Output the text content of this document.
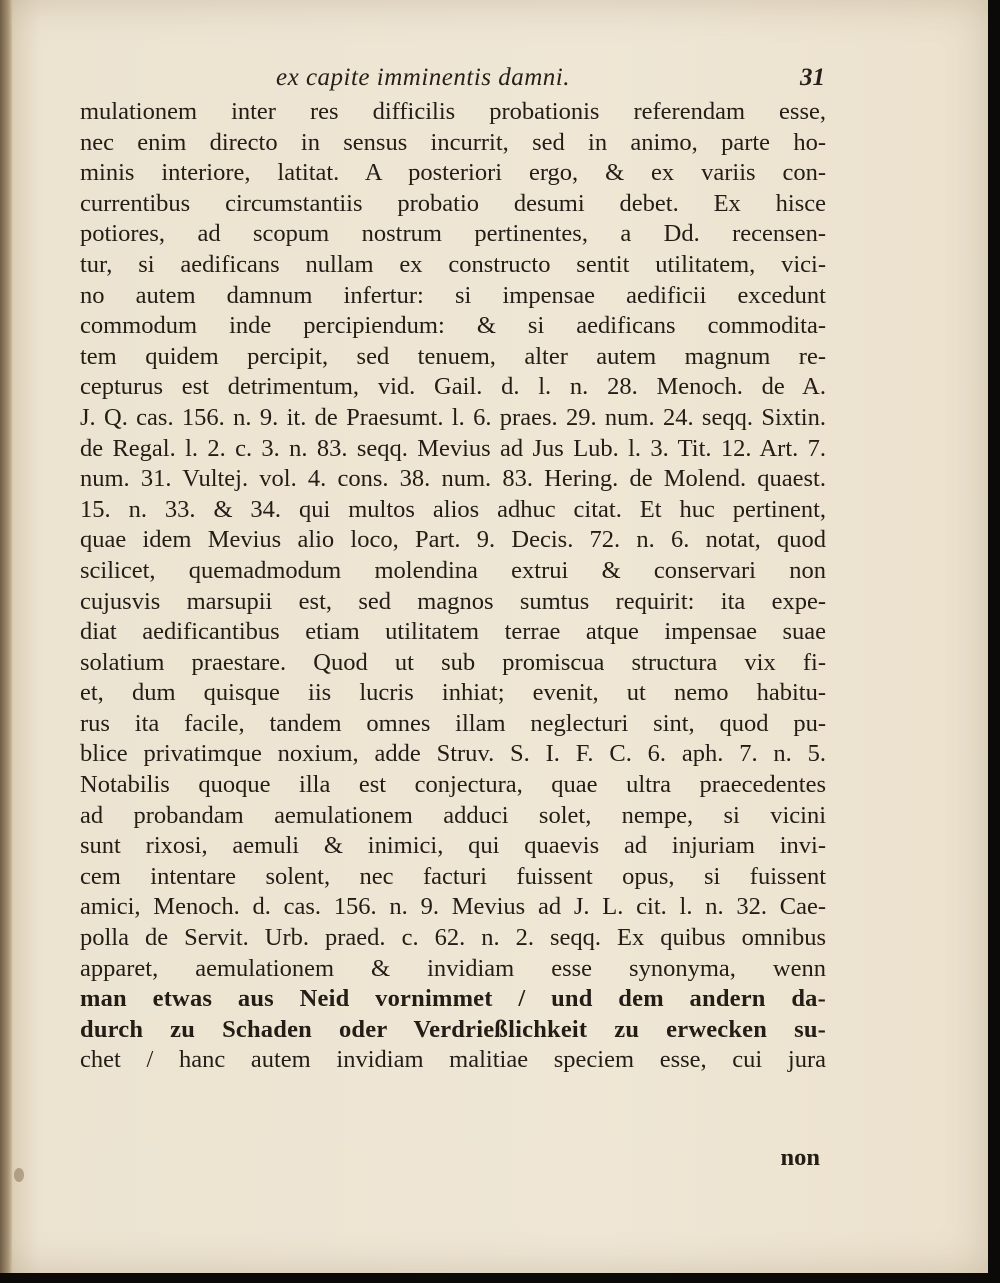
ex capite imminentis damni.	31
mulationem inter res difficilis probationis referendam esse,
nec enim directo in sensus incurrit, sed in animo, parte ho-
minis interiore, latitat. A posteriori ergo, & ex variis con-
currentibus circumstantiis probatio desumi debet. Ex hisce
potiores, ad scopum nostrum pertinentes, a Dd. recensen-
tur, si aedificans nullam ex constructo sentit utilitatem, vici-
no autem damnum infertur: si impensae aedificii excedunt
commodum inde percipiendum: & si aedificans commodita-
tem quidem percipit, sed tenuem, alter autem magnum re-
cepturus est detrimentum, vid. Gail. d. l. n. 28. Menoch. de A.
J. Q. cas. 156. n. 9. it. de Praesumt. l. 6. praes. 29. num. 24. seqq. Sixtin.
de Regal. l. 2. c. 3. n. 83. seqq. Mevius ad Jus Lub. l. 3. Tit. 12. Art. 7.
num. 31. Vultej. vol. 4. cons. 38. num. 83. Hering. de Molend. quaest.
15. n. 33. & 34. qui multos alios adhuc citat. Et huc pertinent,
quae idem Mevius alio loco, Part. 9. Decis. 72. n. 6. notat, quod
scilicet, quemadmodum molendina extrui & conservari non
cujusvis marsupii est, sed magnos sumtus requirit: ita expe-
diat aedificantibus etiam utilitatem terrae atque impensae suae
solatium praestare. Quod ut sub promiscua structura vix fi-
et, dum quisque iis lucris inhiat; evenit, ut nemo habitu-
rus ita facile, tandem omnes illam neglecturi sint, quod pu-
blice privatimque noxium, adde Struv. S. I. F. C. 6. aph. 7. n. 5.
Notabilis quoque illa est conjectura, quae ultra praecedentes
ad probandam aemulationem adduci solet, nempe, si vicini
sunt rixosi, aemuli & inimici, qui quaevis ad injuriam invi-
cem intentare solent, nec facturi fuissent opus, si fuissent
amici, Menoch. d. cas. 156. n. 9. Mevius ad J. L. cit. l. n. 32. Cae-
polla de Servit. Urb. praed. c. 62. n. 2. seqq. Ex quibus omnibus
apparet, aemulationem & invidiam esse synonyma, wenn
man etwas aus Neid vornimmet / und dem andern da-
durch zu Schaden oder Verdrießlichkeit zu erwecken su-
chet / hanc autem invidiam malitiae speciem esse, cui jura
non
